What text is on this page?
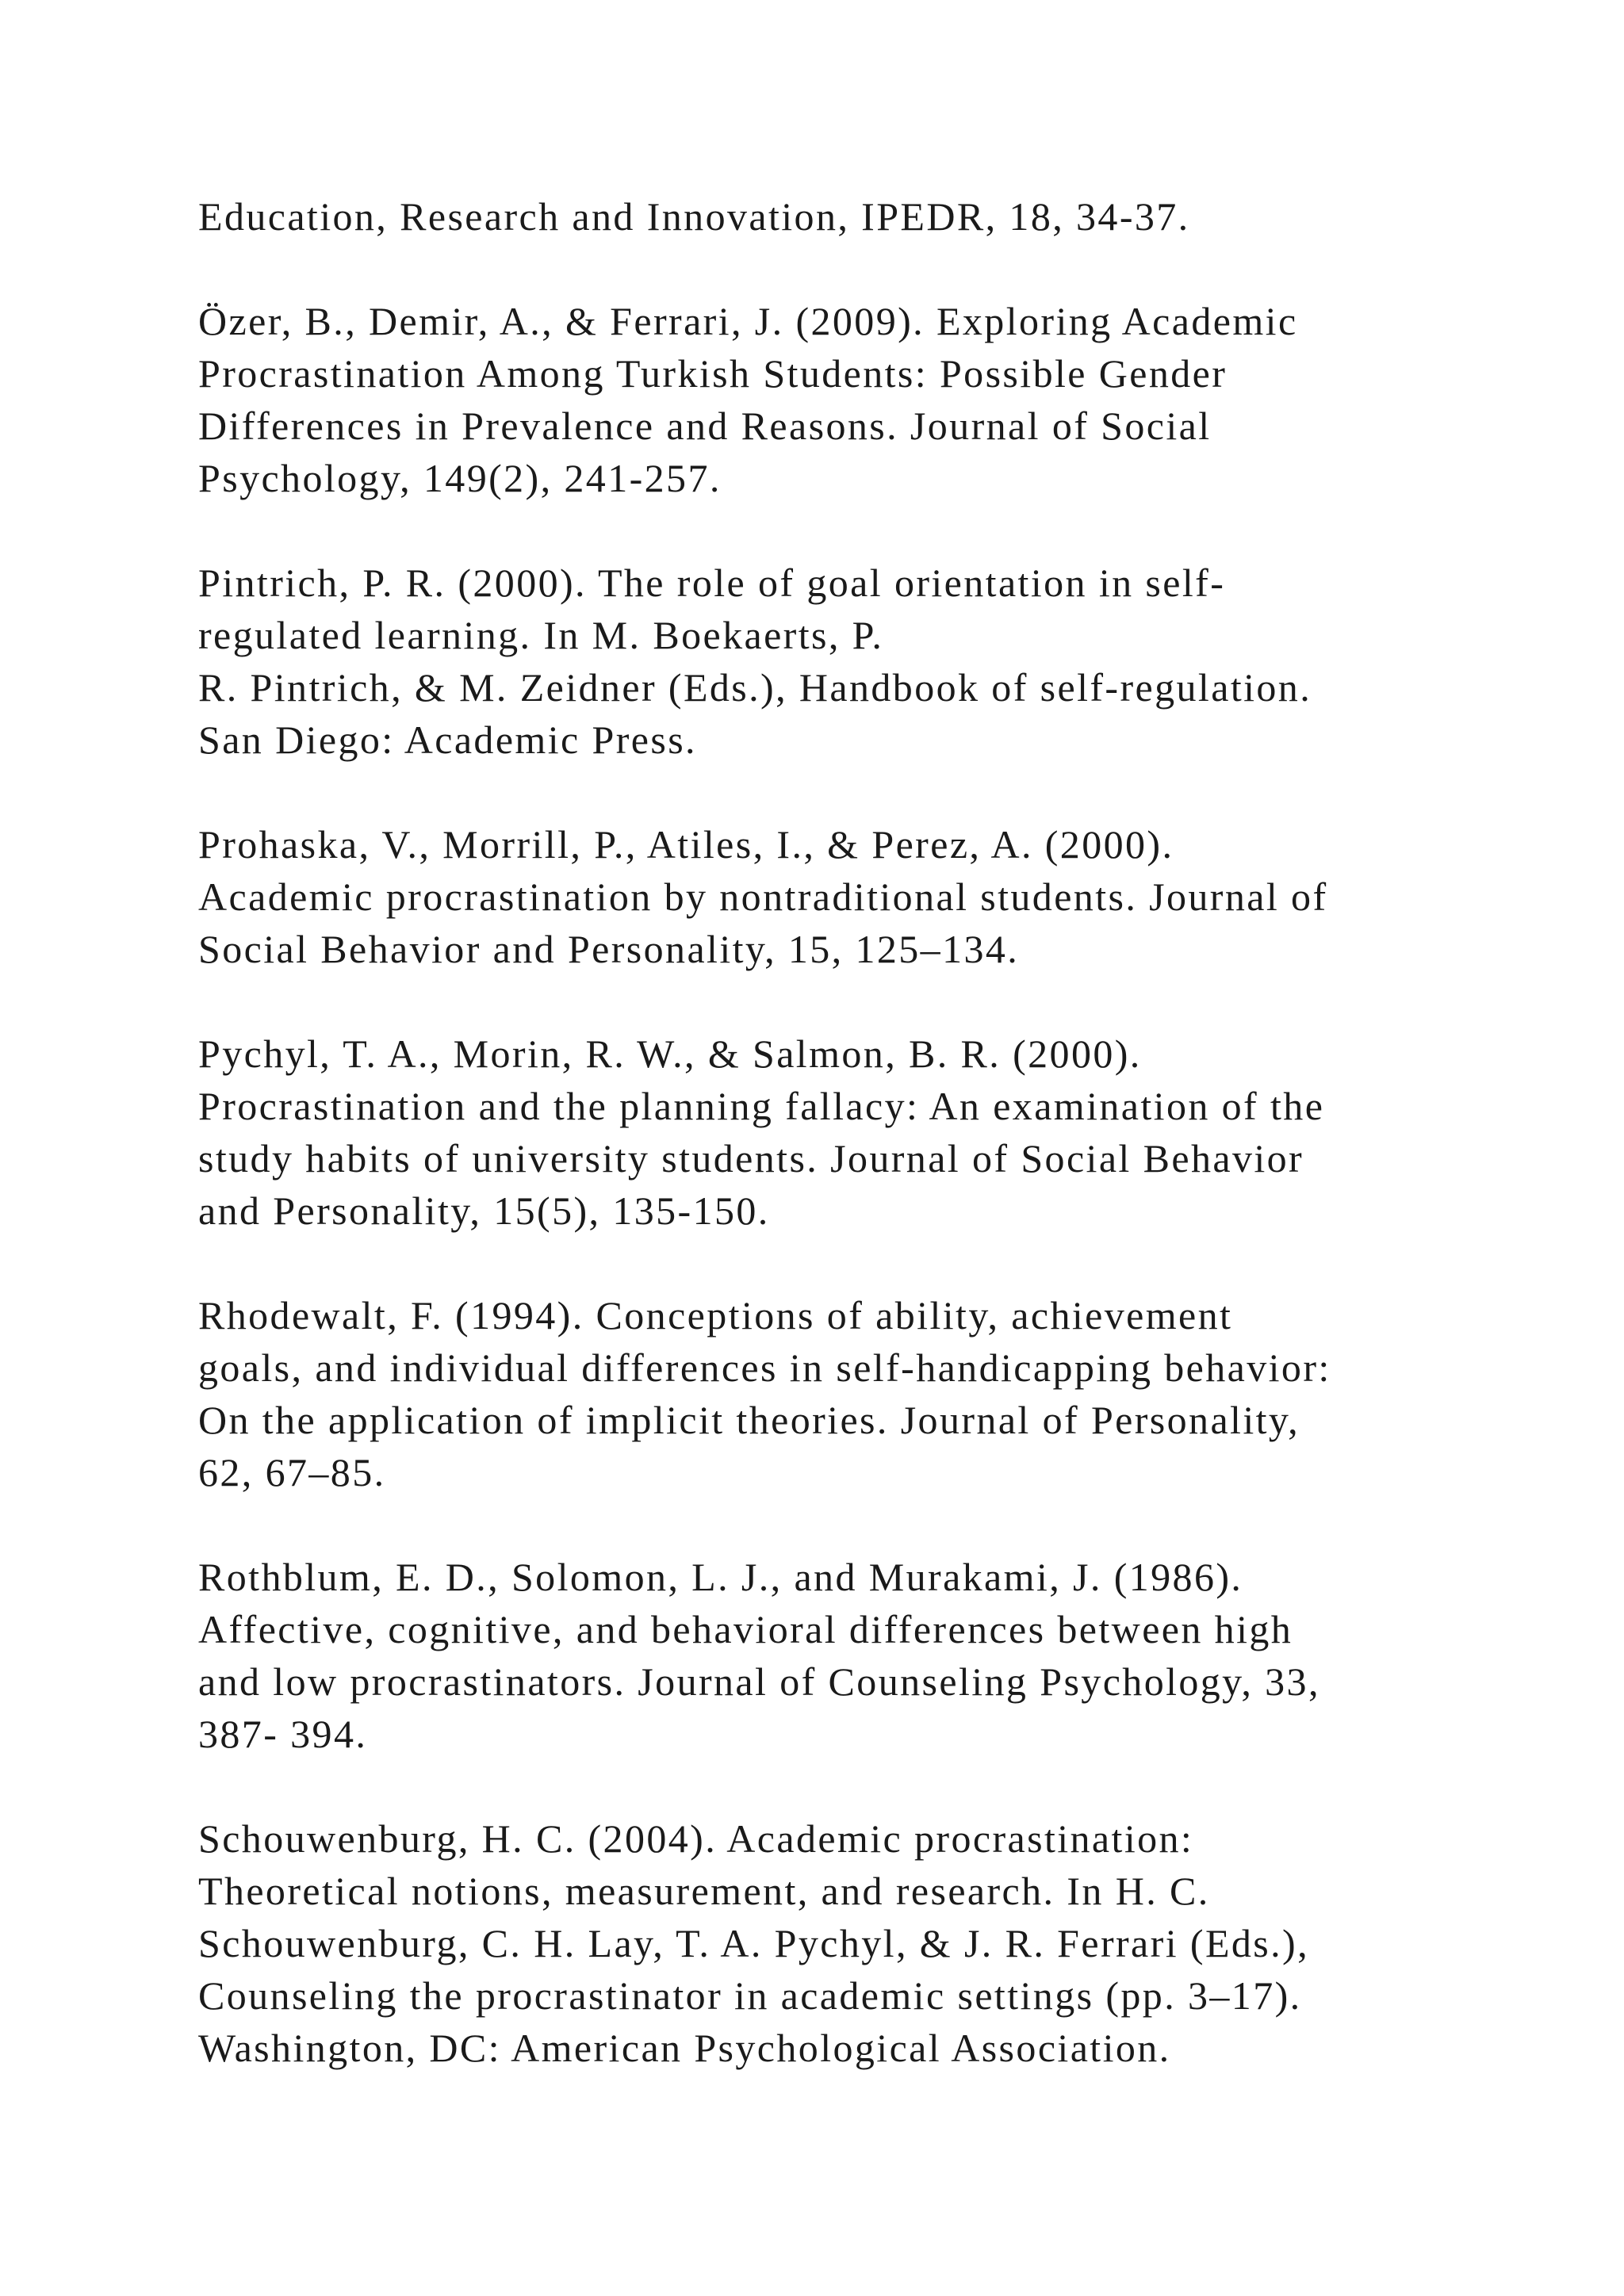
Education, Research and Innovation, IPEDR, 18, 34-37.
Özer, B., Demir, A., & Ferrari, J. (2009). Exploring Academic
Procrastination Among Turkish Students: Possible Gender
Differences in Prevalence and Reasons. Journal of Social
Psychology, 149(2), 241-257.
Pintrich, P. R. (2000). The role of goal orientation in self-
regulated learning. In M. Boekaerts, P.
R. Pintrich, & M. Zeidner (Eds.), Handbook of self-regulation.
San Diego: Academic Press.
Prohaska, V., Morrill, P., Atiles, I., & Perez, A. (2000).
Academic procrastination by nontraditional students. Journal of
Social Behavior and Personality, 15, 125–134.
Pychyl, T. A., Morin, R. W., & Salmon, B. R. (2000).
Procrastination and the planning fallacy: An examination of the
study habits of university students. Journal of Social Behavior
and Personality, 15(5), 135-150.
Rhodewalt, F. (1994). Conceptions of ability, achievement
goals, and individual differences in self-handicapping behavior:
On the application of implicit theories. Journal of Personality,
62, 67–85.
Rothblum, E. D., Solomon, L. J., and Murakami, J. (1986).
Affective, cognitive, and behavioral differences between high
and low procrastinators. Journal of Counseling Psychology, 33,
387- 394.
Schouwenburg, H. C. (2004). Academic procrastination:
Theoretical notions, measurement, and research. In H. C.
Schouwenburg, C. H. Lay, T. A. Pychyl, & J. R. Ferrari (Eds.),
Counseling the procrastinator in academic settings (pp. 3–17).
Washington, DC: American Psychological Association.
